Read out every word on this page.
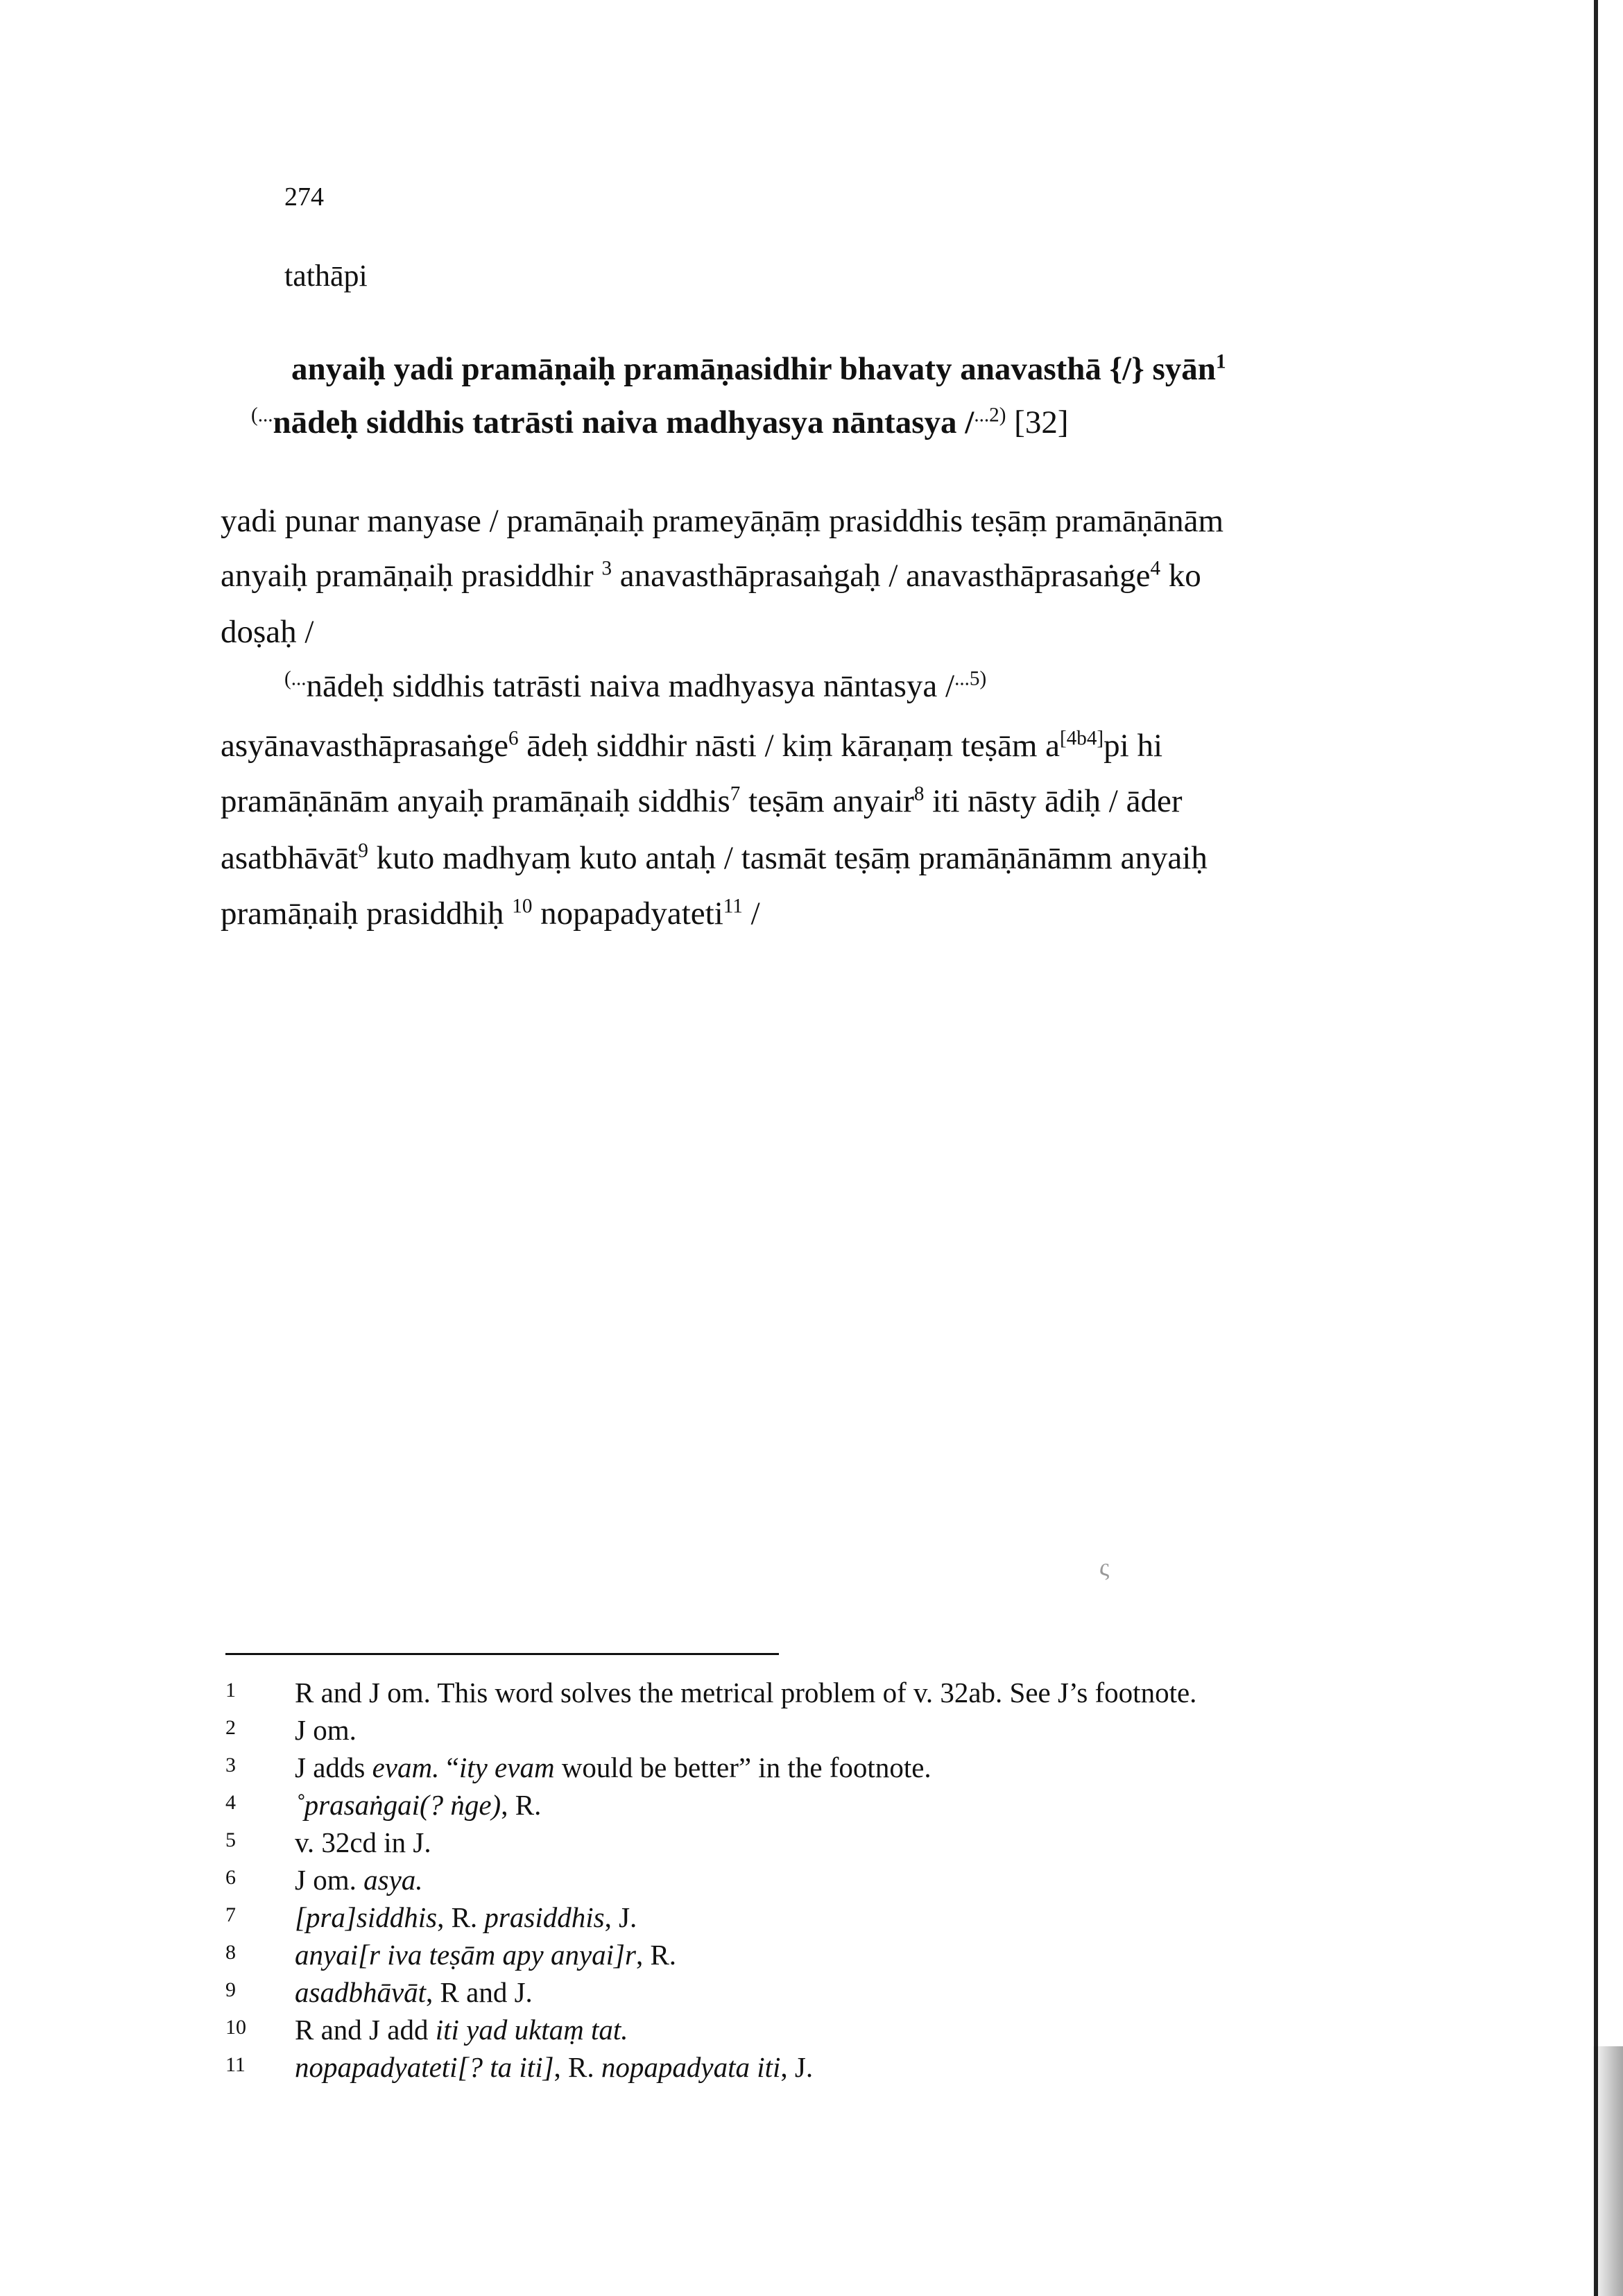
274
tathāpi
anyaiḥ yadi pramāṇaiḥ pramāṇasidhir bhavaty anavasthā {/} syān$^1$
(...nādeḥ siddhis tatrāsti naiva madhyasya nāntasya /$^{...2)}$ [32]
yadi punar manyase / pramāṇaiḥ prameyāṇāṃ prasiddhis teṣāṃ pramāṇānām
anyaiḥ pramāṇaiḥ prasiddhir $^3$ anavasthāprasaṅgaḥ / anavasthāprasaṅge$^4$ ko
doṣaḥ /
(...nādeḥ siddhis tatrāsti naiva madhyasya nāntasya /$^{...5)}$
asyānavasthāprasaṅge$^6$ ādeḥ siddhir nāsti / kiṃ kāraṇaṃ teṣām a[4b4]pi hi
pramāṇānām anyaiḥ pramāṇaiḥ siddhis$^7$ teṣām anyair$^8$ iti nāsty ādiḥ / āder
asatbhāvāt$^9$ kuto madhyaṃ kuto antaḥ / tasmāt teṣāṃ pramāṇānāmm anyaiḥ
pramāṇaiḥ prasiddhiḥ $^{10}$ nopapadyateti$^{11}$ /
ς
1 R and J om. This word solves the metrical problem of v. 32ab. See J’s footnote.
2 J om.
3 J adds evam. “ity evam would be better” in the footnote.
4 ˚prasaṅgai(? ṅge), R.
5 v. 32cd in J.
6 J om. asya.
7 [pra]siddhis, R. prasiddhis, J.
8 anyai[r iva teṣām apy anyai]r, R.
9 asadbhāvāt, R and J.
10 R and J add iti yad uktaṃ tat.
11 nopapadyateti[? ta iti], R. nopapadyata iti, J.
